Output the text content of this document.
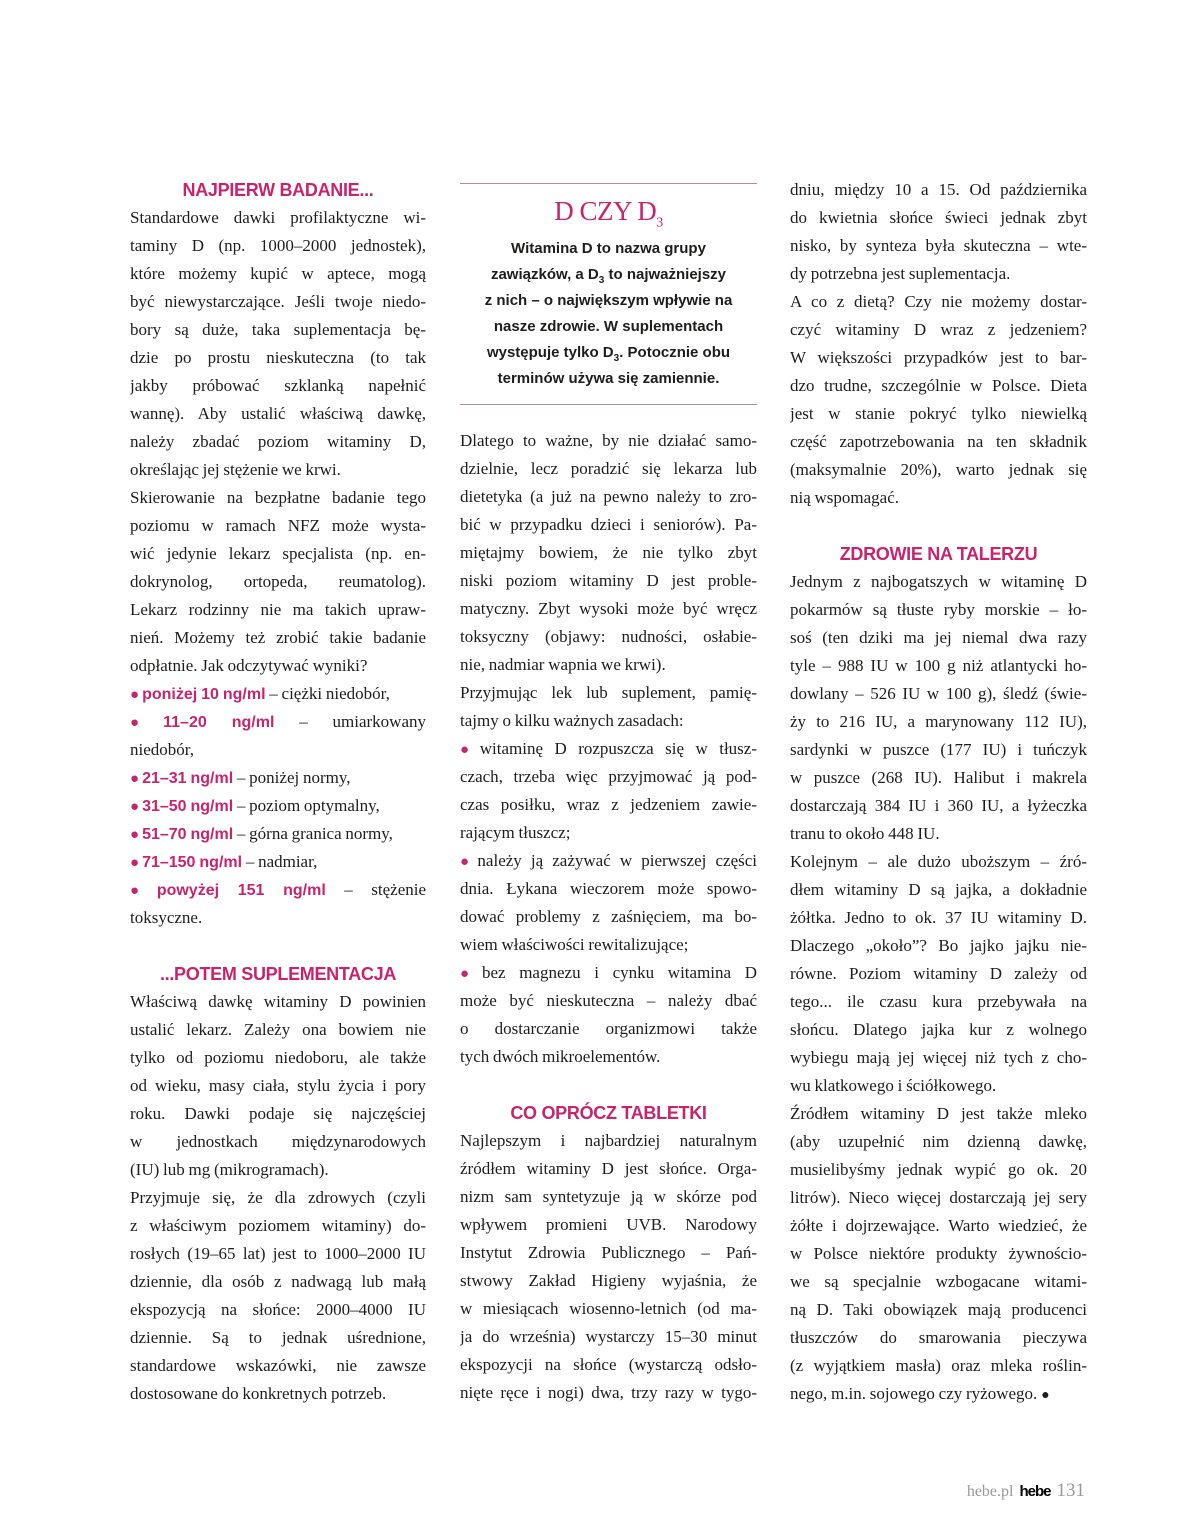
NAJPIERW BADANIE...
Standardowe dawki profilaktyczne wi-
taminy D (np. 1000–2000 jednostek),
które możemy kupić w aptece, mogą
być niewystarczające. Jeśli twoje niedo-
bory są duże, taka suplementacja bę-
dzie po prostu nieskuteczna (to tak
jakby próbować szklanką napełnić
wannę). Aby ustalić właściwą dawkę,
należy zbadać poziom witaminy D,
określając jej stężenie we krwi.
Skierowanie na bezpłatne badanie tego
poziomu w ramach NFZ może wysta-
wić jedynie lekarz specjalista (np. en-
dokrynolog, ortopeda, reumatolog).
Lekarz rodzinny nie ma takich upraw-
nień. Możemy też zrobić takie badanie
odpłatnie. Jak odczytywać wyniki?
● poniżej 10 ng/ml – ciężki niedobór,
● 11–20 ng/ml – umiarkowany
niedobór,
● 21–31 ng/ml – poniżej normy,
● 31–50 ng/ml – poziom optymalny,
● 51–70 ng/ml – górna granica normy,
● 71–150 ng/ml – nadmiar,
● powyżej 151 ng/ml – stężenie
toksyczne.
...POTEM SUPLEMENTACJA
Właściwą dawkę witaminy D powinien
ustalić lekarz. Zależy ona bowiem nie
tylko od poziomu niedoboru, ale także
od wieku, masy ciała, stylu życia i pory
roku. Dawki podaje się najczęściej
w jednostkach międzynarodowych
(IU) lub mg (mikrogramach).
Przyjmuje się, że dla zdrowych (czyli
z właściwym poziomem witaminy) do-
rosłych (19–65 lat) jest to 1000–2000 IU
dziennie, dla osób z nadwagą lub małą
ekspozycją na słońce: 2000–4000 IU
dziennie. Są to jednak uśrednione,
standardowe wskazówki, nie zawsze
dostosowane do konkretnych potrzeb.
D CZY $D_3$
Witamina D to nazwa grupy
zawiązków, a $D_3$ to najważniejszy
z nich – o największym wpływie na
nasze zdrowie. W suplementach
występuje tylko $D_3$. Potocznie obu
terminów używa się zamiennie.
Dlatego to ważne, by nie działać samo-
dzielnie, lecz poradzić się lekarza lub
dietetyka (a już na pewno należy to zro-
bić w przypadku dzieci i seniorów). Pa-
miętajmy bowiem, że nie tylko zbyt
niski poziom witaminy D jest proble-
matyczny. Zbyt wysoki może być wręcz
toksyczny (objawy: nudności, osłabie-
nie, nadmiar wapnia we krwi).
Przyjmując lek lub suplement, pamię-
tajmy o kilku ważnych zasadach:
● witaminę D rozpuszcza się w tłusz-
czach, trzeba więc przyjmować ją pod-
czas posiłku, wraz z jedzeniem zawie-
rającym tłuszcz;
● należy ją zażywać w pierwszej części
dnia. Łykana wieczorem może spowo-
dować problemy z zaśnięciem, ma bo-
wiem właściwości rewitalizujące;
● bez magnezu i cynku witamina D
może być nieskuteczna – należy dbać
o dostarczanie organizmowi także
tych dwóch mikroelementów.
CO OPRÓCZ TABLETKI
Najlepszym i najbardziej naturalnym
źródłem witaminy D jest słońce. Orga-
nizm sam syntetyzuje ją w skórze pod
wpływem promieni UVB. Narodowy
Instytut Zdrowia Publicznego – Pań-
stwowy Zakład Higieny wyjaśnia, że
w miesiącach wiosenno-letnich (od ma-
ja do września) wystarczy 15–30 minut
ekspozycji na słońce (wystarczą odsło-
nięte ręce i nogi) dwa, trzy razy w tygo-
dniu, między 10 a 15. Od października
do kwietnia słońce świeci jednak zbyt
nisko, by synteza była skuteczna – wte-
dy potrzebna jest suplementacja.
A co z dietą? Czy nie możemy dostar-
czyć witaminy D wraz z jedzeniem?
W większości przypadków jest to bar-
dzo trudne, szczególnie w Polsce. Dieta
jest w stanie pokryć tylko niewielką
część zapotrzebowania na ten składnik
(maksymalnie 20%), warto jednak się
nią wspomagać.
ZDROWIE NA TALERZU
Jednym z najbogatszych w witaminę D
pokarmów są tłuste ryby morskie – ło-
soś (ten dziki ma jej niemal dwa razy
tyle – 988 IU w 100 g niż atlantycki ho-
dowlany – 526 IU w 100 g), śledź (świe-
ży to 216 IU, a marynowany 112 IU),
sardynki w puszce (177 IU) i tuńczyk
w puszce (268 IU). Halibut i makrela
dostarczają 384 IU i 360 IU, a łyżeczka
tranu to około 448 IU.
Kolejnym – ale dużo uboższym – źró-
dłem witaminy D są jajka, a dokładnie
żółtka. Jedno to ok. 37 IU witaminy D.
Dlaczego „około”? Bo jajko jajku nie-
równe. Poziom witaminy D zależy od
tego... ile czasu kura przebywała na
słońcu. Dlatego jajka kur z wolnego
wybiegu mają jej więcej niż tych z cho-
wu klatkowego i ściółkowego.
Źródłem witaminy D jest także mleko
(aby uzupełnić nim dzienną dawkę,
musielibyśmy jednak wypić go ok. 20
litrów). Nieco więcej dostarczają jej sery
żółte i dojrzewające. Warto wiedzieć, że
w Polsce niektóre produkty żywnościo-
we są specjalnie wzbogacane witami-
ną D. Taki obowiązek mają producenci
tłuszczów do smarowania pieczywa
(z wyjątkiem masła) oraz mleka roślin-
nego, m.in. sojowego czy ryżowego. ●
hebe.pl hebe 131
